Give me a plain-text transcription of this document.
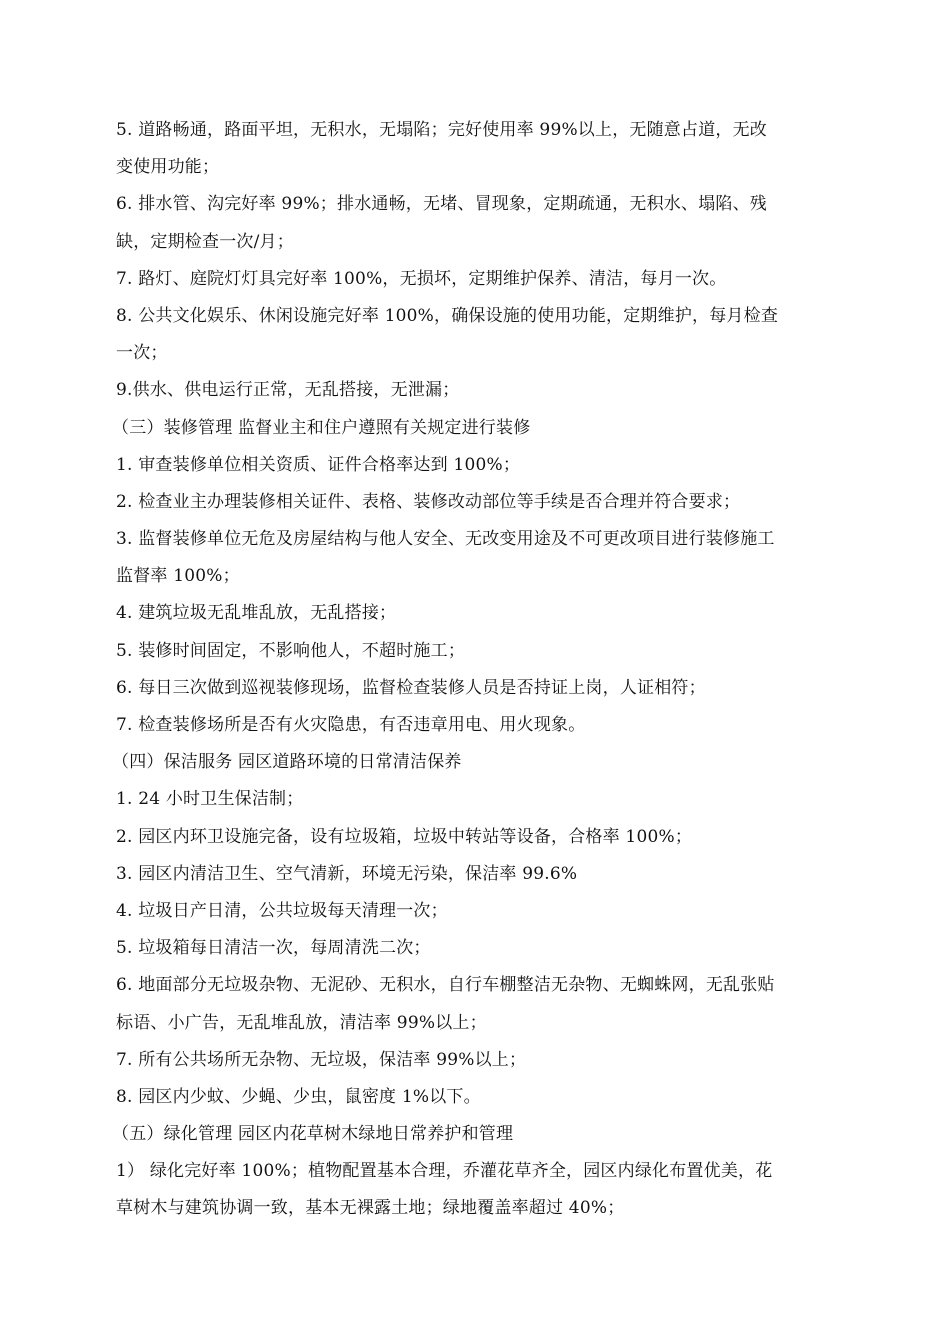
5. 道路畅通，路面平坦，无积水，无塌陷；完好使用率 99%以上，无随意占道，无改
变使用功能；
6. 排水管、沟完好率 99%；排水通畅，无堵、冒现象，定期疏通，无积水、塌陷、残
缺，定期检查一次/月；
7. 路灯、庭院灯灯具完好率 100%，无损坏，定期维护保养、清洁，每月一次。
8. 公共文化娱乐、休闲设施完好率 100%，确保设施的使用功能，定期维护，每月检查
一次；
9.供水、供电运行正常，无乱搭接，无泄漏；
（三）装修管理 监督业主和住户遵照有关规定进行装修
1. 审查装修单位相关资质、证件合格率达到 100%；
2. 检查业主办理装修相关证件、表格、装修改动部位等手续是否合理并符合要求；
3. 监督装修单位无危及房屋结构与他人安全、无改变用途及不可更改项目进行装修施工
监督率 100%；
4. 建筑垃圾无乱堆乱放，无乱搭接；
5. 装修时间固定，不影响他人，不超时施工；
6. 每日三次做到巡视装修现场，监督检查装修人员是否持证上岗，人证相符；
7. 检查装修场所是否有火灾隐患，有否违章用电、用火现象。
（四）保洁服务 园区道路环境的日常清洁保养
1. 24 小时卫生保洁制；
2. 园区内环卫设施完备，设有垃圾箱，垃圾中转站等设备，合格率 100%；
3. 园区内清洁卫生、空气清新，环境无污染，保洁率 99.6%
4. 垃圾日产日清，公共垃圾每天清理一次；
5. 垃圾箱每日清洁一次，每周清洗二次；
6. 地面部分无垃圾杂物、无泥砂、无积水，自行车棚整洁无杂物、无蜘蛛网，无乱张贴
标语、小广告，无乱堆乱放，清洁率 99%以上；
7. 所有公共场所无杂物、无垃圾，保洁率 99%以上；
8. 园区内少蚊、少蝇、少虫，鼠密度 1%以下。
（五）绿化管理 园区内花草树木绿地日常养护和管理
1） 绿化完好率 100%；植物配置基本合理，乔灌花草齐全，园区内绿化布置优美，花
草树木与建筑协调一致，基本无裸露土地；绿地覆盖率超过 40%；
